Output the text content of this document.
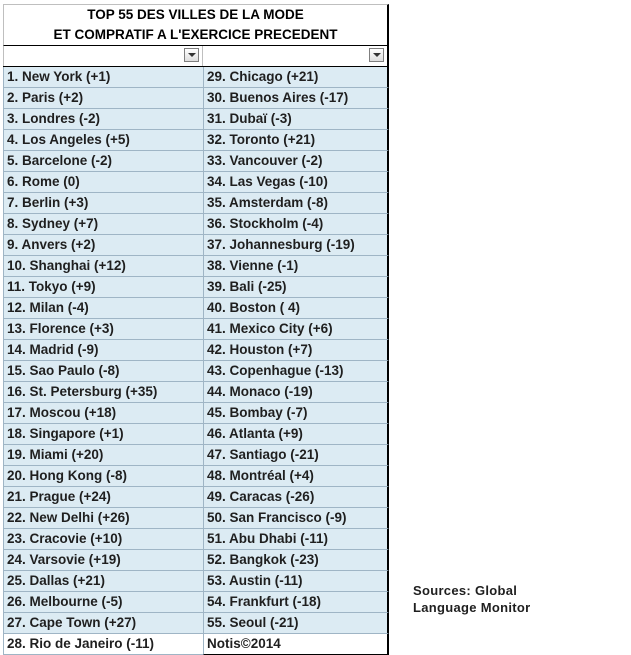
TOP 55 DES VILLES DE LA MODE
ET COMPRATIF A L'EXERCICE PRECEDENT
1. New York (+1)	29. Chicago (+21)
2. Paris (+2)	30. Buenos Aires (-17)
3. Londres (-2)	31. Dubaï (-3)
4. Los Angeles (+5)	32. Toronto (+21)
5. Barcelone (-2)	33. Vancouver (-2)
6. Rome (0)	34. Las Vegas (-10)
7. Berlin (+3)	35. Amsterdam (-8)
8. Sydney (+7)	36. Stockholm (-4)
9. Anvers (+2)	37. Johannesburg (-19)
10. Shanghai (+12)	38. Vienne (-1)
11. Tokyo (+9)	39. Bali (-25)
12. Milan (-4)	40. Boston ( 4)
13. Florence (+3)	41. Mexico City (+6)
14. Madrid (-9)	42. Houston (+7)
15. Sao Paulo (-8)	43. Copenhague (-13)
16. St. Petersburg (+35)	44. Monaco (-19)
17. Moscou (+18)	45. Bombay (-7)
18. Singapore (+1)	46. Atlanta (+9)
19. Miami (+20)	47. Santiago (-21)
20. Hong Kong (-8)	48. Montréal (+4)
21. Prague (+24)	49. Caracas (-26)
22. New Delhi (+26)	50. San Francisco (-9)
23. Cracovie (+10)	51. Abu Dhabi (-11)
24. Varsovie (+19)	52. Bangkok (-23)
25. Dallas (+21)	53. Austin (-11)
26. Melbourne (-5)	54. Frankfurt (-18)
27. Cape Town (+27)	55. Seoul (-21)
28. Rio de Janeiro (-11)	Notis©2014
Sources: Global
Language Monitor
